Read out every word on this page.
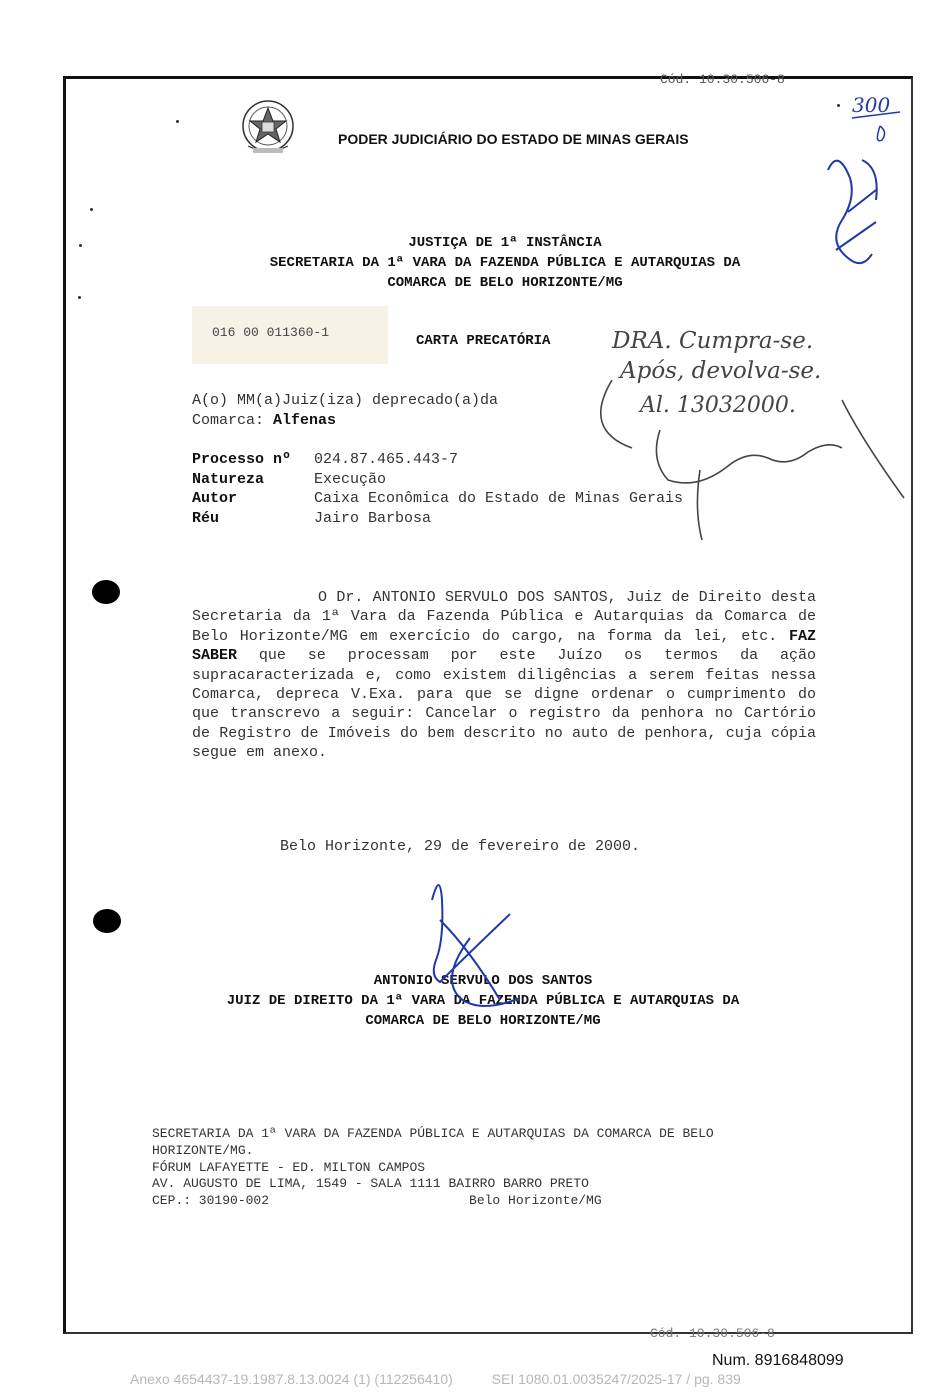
Cód. 10.30.506-8
PODER JUDICIÁRIO DO ESTADO DE MINAS GERAIS
JUSTIÇA DE 1ª INSTÂNCIA
SECRETARIA DA 1ª VARA DA FAZENDA PÚBLICA E AUTARQUIAS DA
COMARCA DE BELO HORIZONTE/MG
016 00 011360-1
CARTA PRECATÓRIA
A(o) MM(a)Juiz(iza) deprecado(a)da
Comarca: Alfenas
Processo nº 024.87.465.443-7
Natureza	Execução
Autor	Caixa Econômica do Estado de Minas Gerais
Réu	Jairo Barbosa
O Dr. ANTONIO SERVULO DOS SANTOS, Juiz de Direito desta Secretaria da 1ª Vara da Fazenda Pública e Autarquias da Comarca de Belo Horizonte/MG em exercício do cargo, na forma da lei, etc. FAZ SABER que se processam por este Juízo os termos da ação supracaracterizada e, como existem diligências a serem feitas nessa Comarca, depreca V.Exa. para que se digne ordenar o cumprimento do que transcrevo a seguir: Cancelar o registro da penhora no Cartório de Registro de Imóveis do bem descrito no auto de penhora, cuja cópia segue em anexo.
Belo Horizonte, 29 de fevereiro de 2000.
ANTONIO SERVULO DOS SANTOS
JUIZ DE DIREITO DA 1ª VARA DA FAZENDA PÚBLICA E AUTARQUIAS DA
COMARCA DE BELO HORIZONTE/MG
SECRETARIA DA 1ª VARA DA FAZENDA PÚBLICA E AUTARQUIAS DA COMARCA DE BELO
HORIZONTE/MG.
FÓRUM LAFAYETTE - ED. MILTON CAMPOS
AV. AUGUSTO DE LIMA, 1549 - SALA 1111 BAIRRO BARRO PRETO
CEP.: 30190-002	Belo Horizonte/MG
Cód. 10.30.506-8
300
DRA. Cumpra-se.
Após, devolva-se.
Al. 13032000.
Num. 8916848099
Anexo 4654437-19.1987.8.13.0024 (1) (112256410)          SEI 1080.01.0035247/2025-17 / pg. 839
